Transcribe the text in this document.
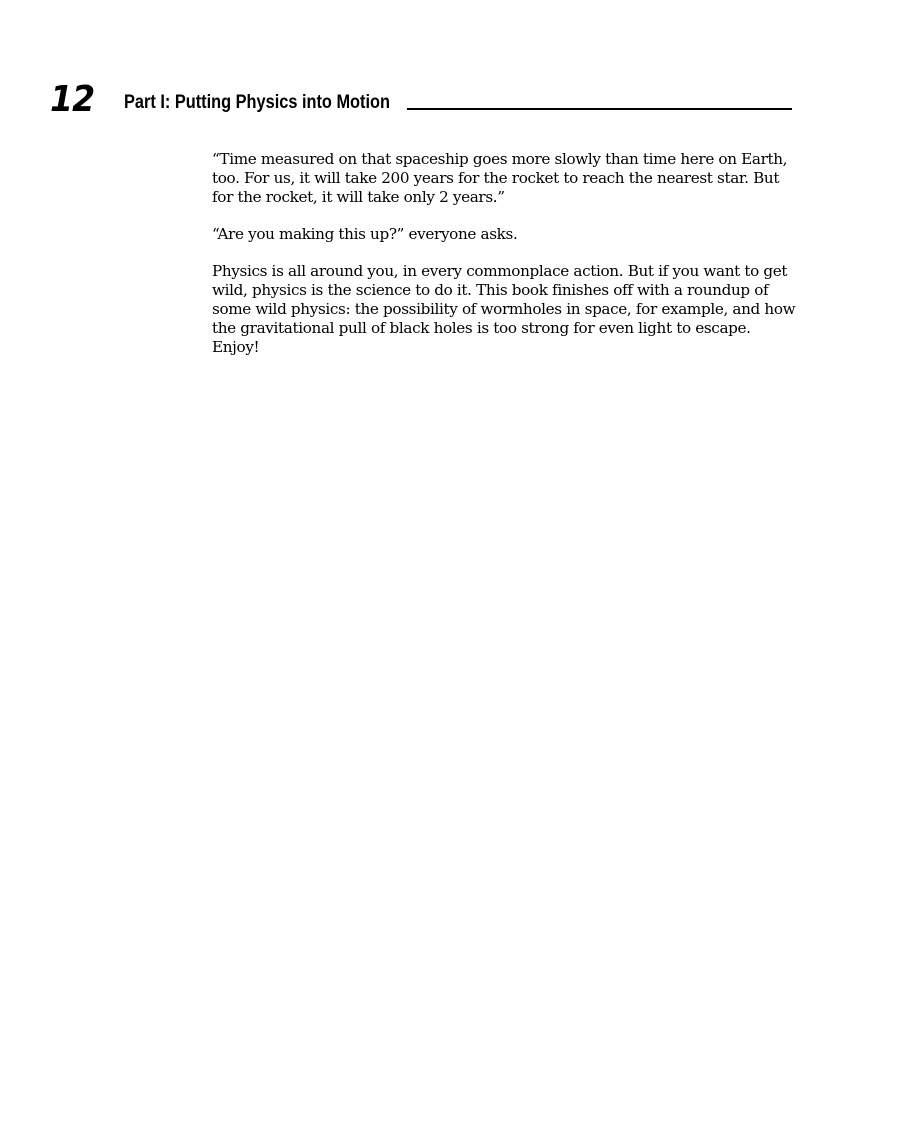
12 Part I: Putting Physics into Motion

“Time measured on that spaceship goes more slowly than time here on Earth, too. For us, it will take 200 years for the rocket to reach the nearest star. But for the rocket, it will take only 2 years.”

“Are you making this up?” everyone asks.

Physics is all around you, in every commonplace action. But if you want to get wild, physics is the science to do it. This book finishes off with a roundup of some wild physics: the possibility of wormholes in space, for example, and how the gravitational pull of black holes is too strong for even light to escape. Enjoy!
